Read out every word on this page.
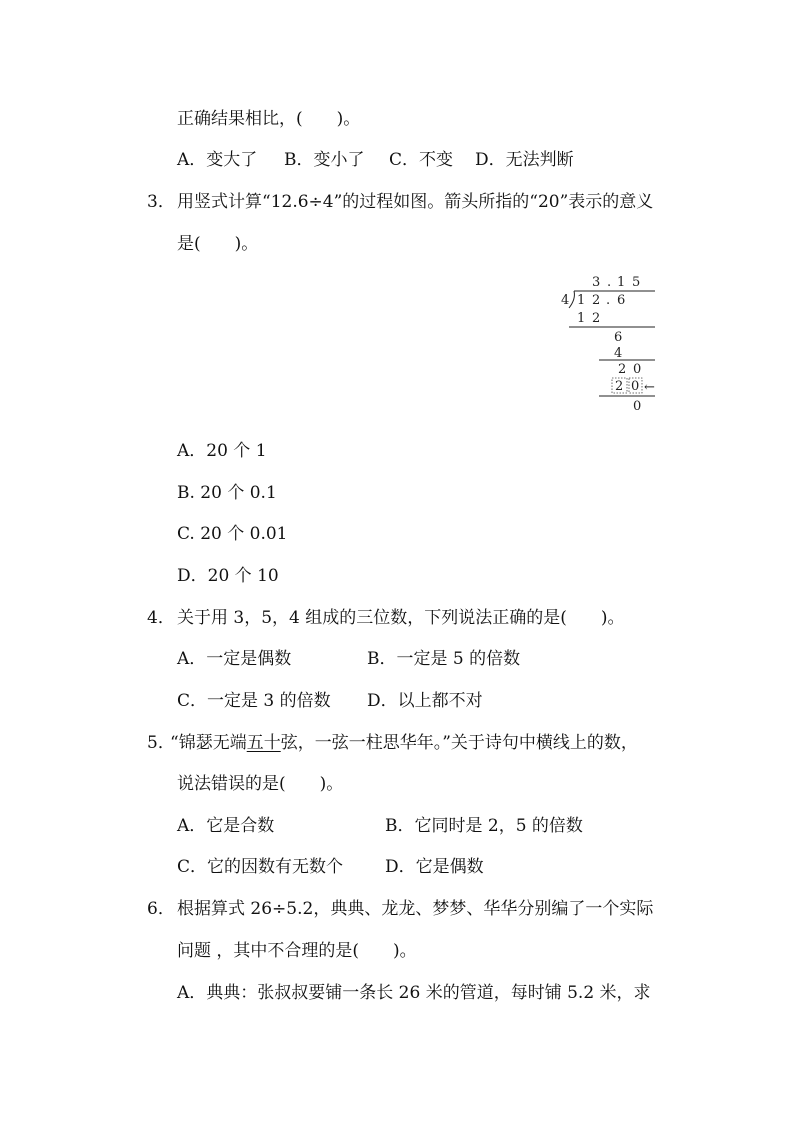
正确结果相比，(　　)。
A．变大了 B．变小了 C．不变 D．无法判断
3． 用竖式计算“12.6÷4”的过程如图。箭头所指的“20”表示的意义
是(　　)。
3 . 1 5
4 1 2 . 6
1 2
6
4
2 0
2 0 ←
0
A．20 个 1
B. 20 个 0.1
C. 20 个 0.01
D．20 个 10
4． 关于用 3，5，4 组成的三位数，下列说法正确的是(　　)。
A．一定是偶数	B．一定是 5 的倍数
C．一定是 3 的倍数 D．以上都不对
5．
“锦瑟无端五十弦，一弦一柱思华年。”关于诗句中横线上的数，
说法错误的是(　　)。
A．它是合数	B．它同时是 2，5 的倍数
C．它的因数有无数个 D．它是偶数
6． 根据算式 26÷5.2，典典、龙龙、梦梦、华华分别编了一个实际
问题 ，其中不合理的是(　　)。
A．典典：张叔叔要铺一条长 26 米的管道，每时铺 5.2 米，求
